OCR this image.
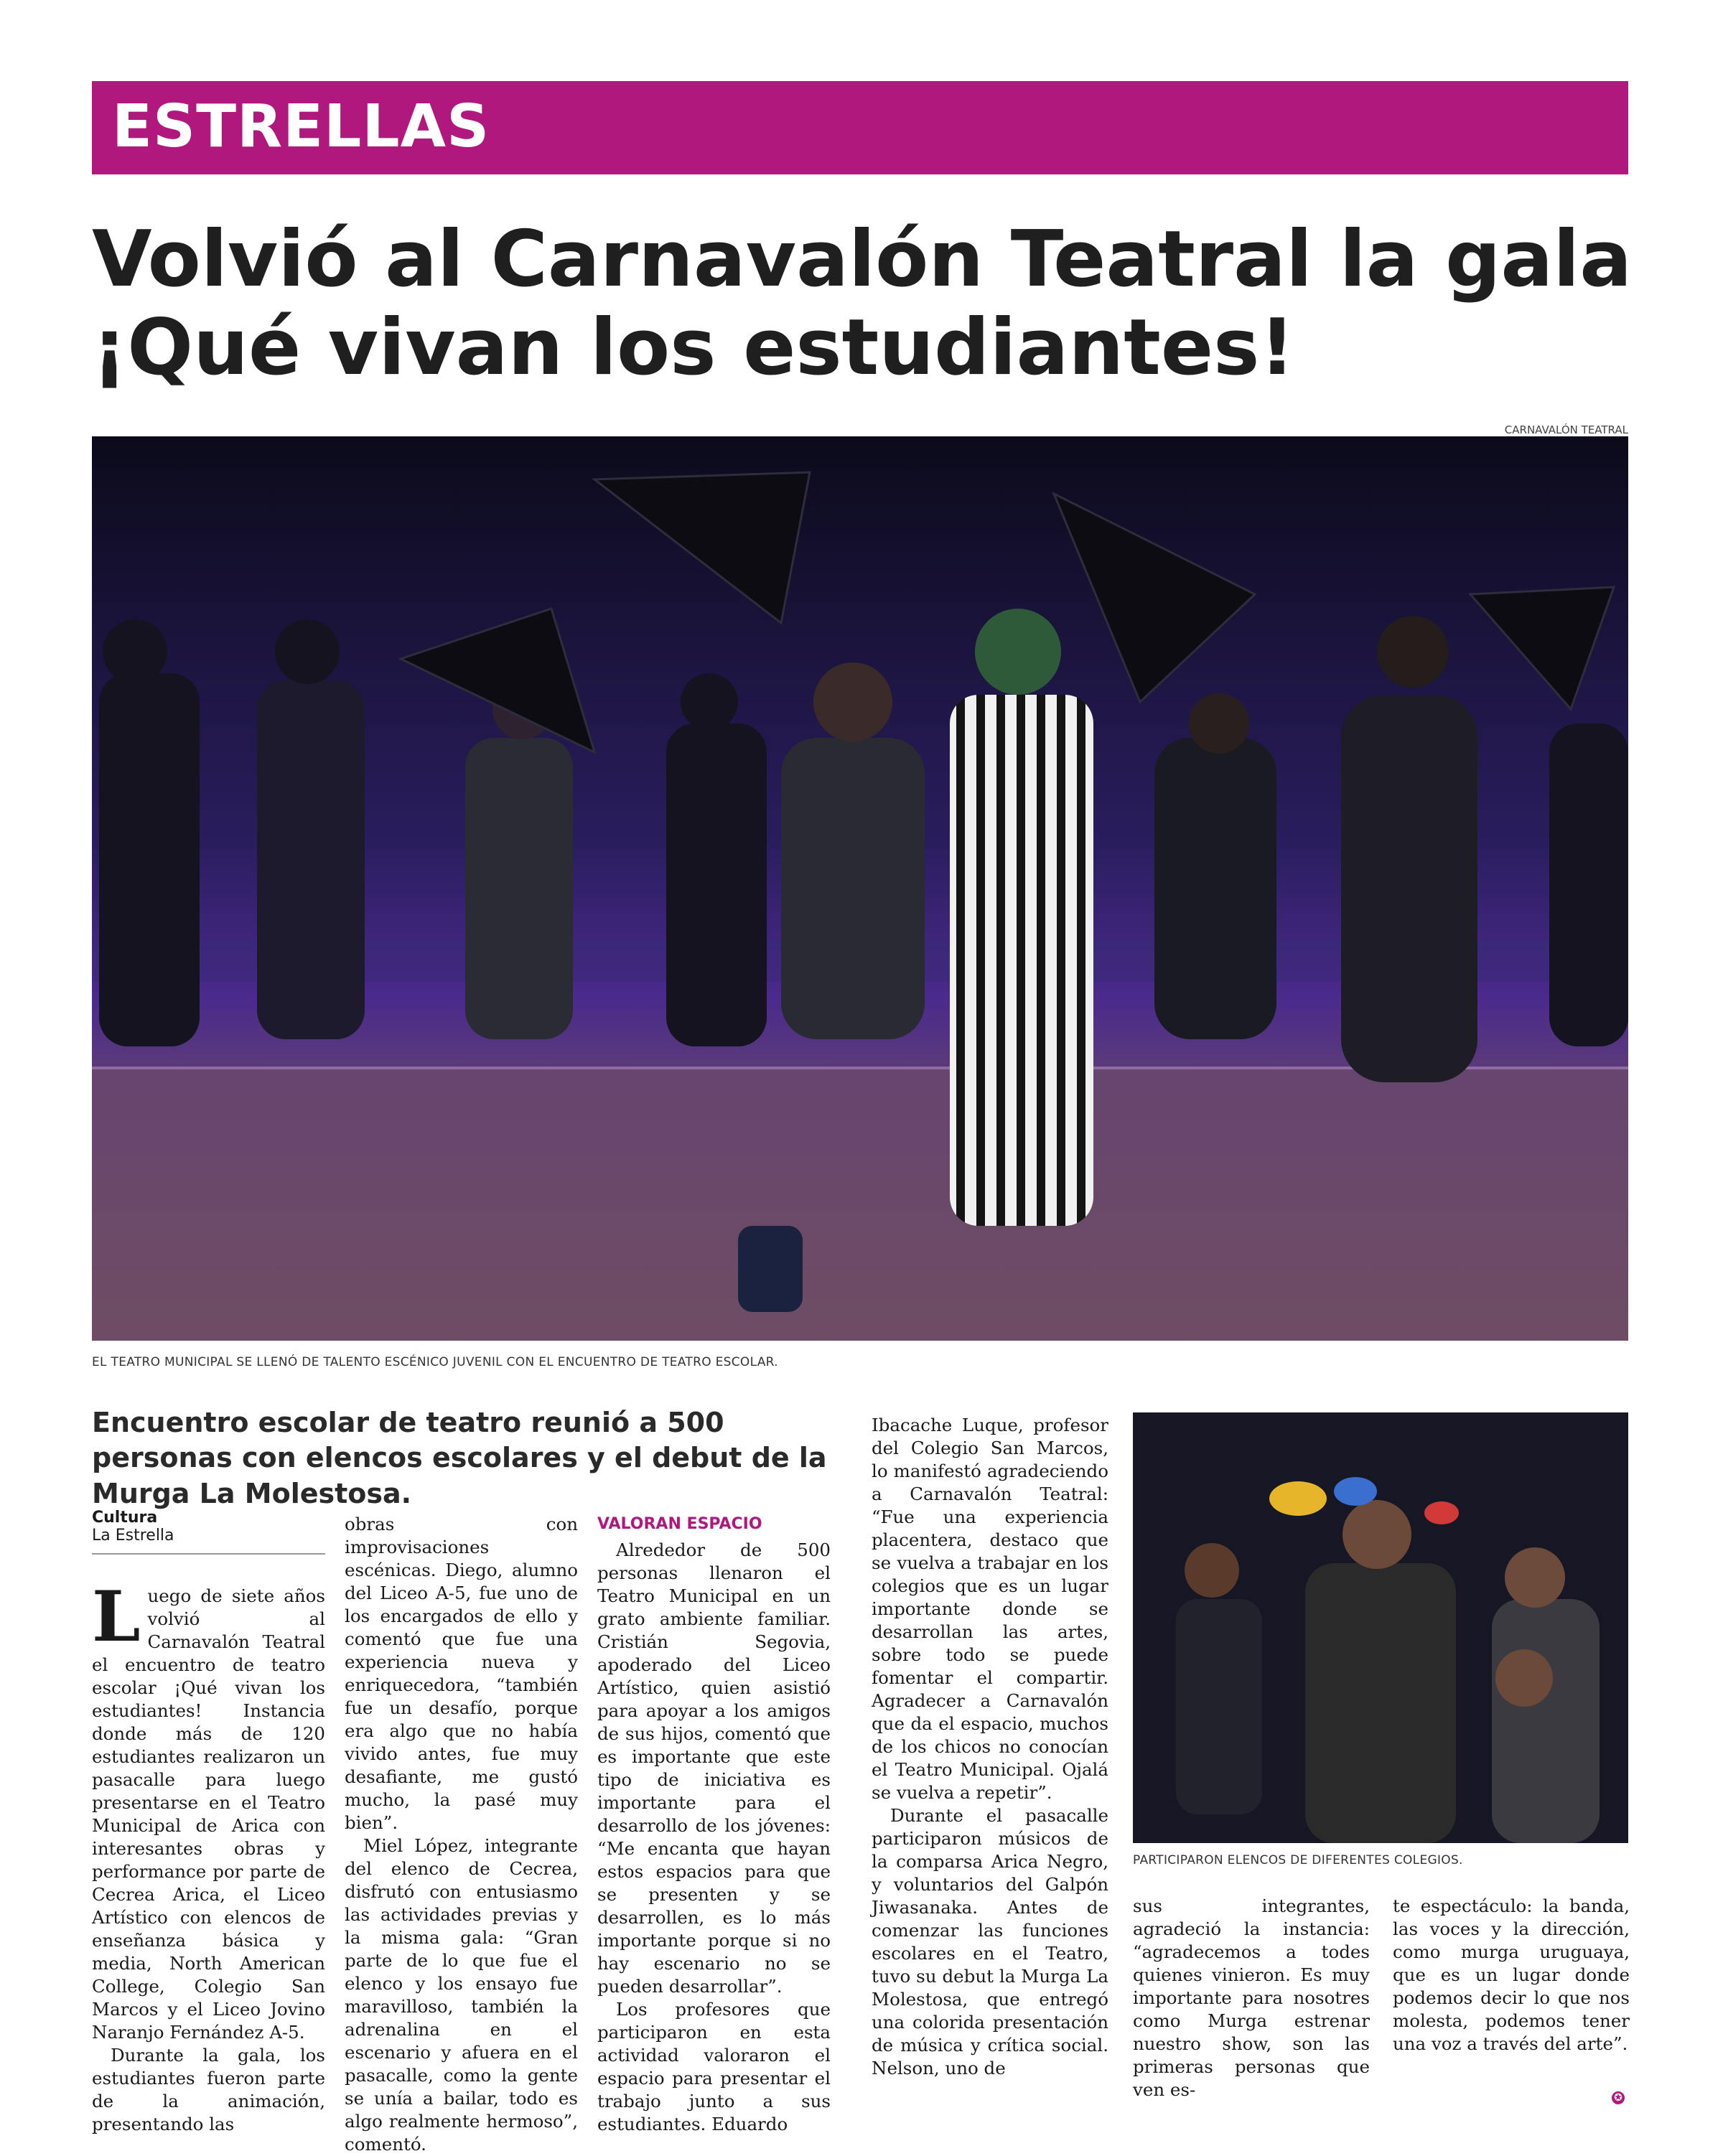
ESTRELLAS
Volvió al Carnavalón Teatral la gala
¡Qué vivan los estudiantes!
CARNAVALÓN TEATRAL
EL TEATRO MUNICIPAL SE LLENÓ DE TALENTO ESCÉNICO JUVENIL CON EL ENCUENTRO DE TEATRO ESCOLAR.
Encuentro escolar de teatro reunió a 500 personas con elencos escolares y el debut de la Murga La Molestosa.
Cultura
La Estrella

Luego de siete años volvió al Carnavalón Teatral el encuentro de teatro escolar ¡Qué vivan los estudiantes! Instancia donde más de 120 estudiantes realizaron un pasacalle para luego presentarse en el Teatro Municipal de Arica con interesantes obras y performance por parte de Cecrea Arica, el Liceo Artístico con elencos de enseñanza básica y media, North American College, Colegio San Marcos y el Liceo Jovino Naranjo Fernández A-5.

Durante la gala, los estudiantes fueron parte de la animación, presentando las

obras con improvisaciones escénicas. Diego, alumno del Liceo A-5, fue uno de los encargados de ello y comentó que fue una experiencia nueva y enriquecedora, “también fue un desafío, porque era algo que no había vivido antes, fue muy desafiante, me gustó mucho, la pasé muy bien”.

Miel López, integrante del elenco de Cecrea, disfrutó con entusiasmo las actividades previas y la misma gala: “Gran parte de lo que fue el elenco y los ensayo fue maravilloso, también la adrenalina en el escenario y afuera en el pasacalle, como la gente se unía a bailar, todo es algo realmente hermoso”, comentó.

VALORAN ESPACIO

Alrededor de 500 personas llenaron el Teatro Municipal en un grato ambiente familiar. Cristián Segovia, apoderado del Liceo Artístico, quien asistió para apoyar a los amigos de sus hijos, comentó que es importante que este tipo de iniciativa es importante para el desarrollo de los jóvenes: “Me encanta que hayan estos espacios para que se presenten y se desarrollen, es lo más importante porque si no hay escenario no se pueden desarrollar”.

Los profesores que participaron en esta actividad valoraron el espacio para presentar el trabajo junto a sus estudiantes. Eduardo

Ibacache Luque, profesor del Colegio San Marcos, lo manifestó agradeciendo a Carnavalón Teatral: “Fue una experiencia placentera, destaco que se vuelva a trabajar en los colegios que es un lugar importante donde se desarrollan las artes, sobre todo se puede fomentar el compartir. Agradecer a Carnavalón que da el espacio, muchos de los chicos no conocían el Teatro Municipal. Ojalá se vuelva a repetir”.

Durante el pasacalle participaron músicos de la comparsa Arica Negro, y voluntarios del Galpón Jiwasanaka. Antes de comenzar las funciones escolares en el Teatro, tuvo su debut la Murga La Molestosa, que entregó una colorida presentación de música y crítica social. Nelson, uno de

PARTICIPARON ELENCOS DE DIFERENTES COLEGIOS.

sus integrantes, agradeció la instancia: “agradecemos a todes quienes vinieron. Es muy importante para nosotres como Murga estrenar nuestro show, son las primeras personas que ven es-

te espectáculo: la banda, las voces y la dirección, como murga uruguaya, que es un lugar donde podemos decir lo que nos molesta, podemos tener una voz a través del arte”.

✪
